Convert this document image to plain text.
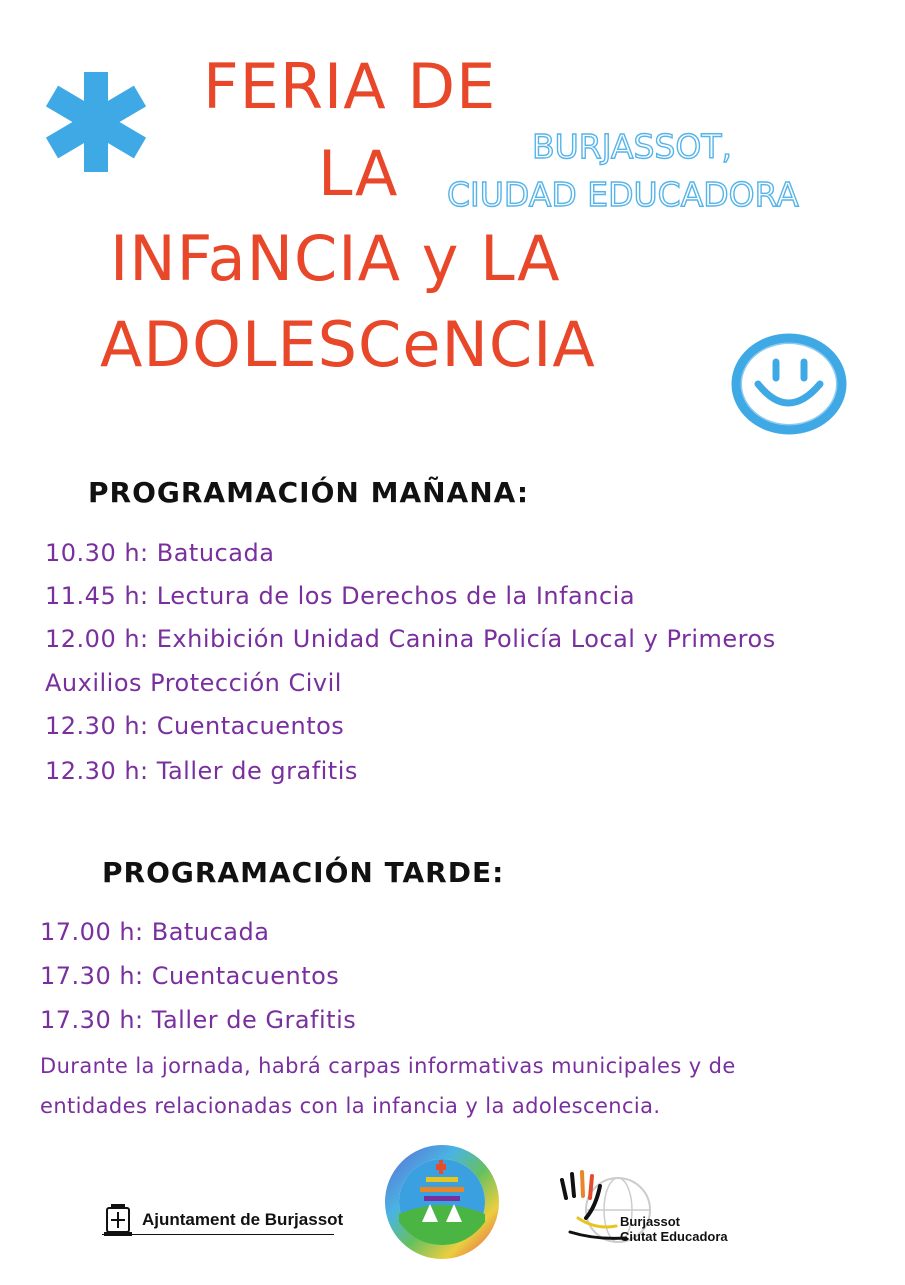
FERIA DE
LA
INFaNCIA y LA
ADOLESCeNCIA
BURJASSOT,
CIUDAD EDUCADORA
PROGRAMACIÓN MAÑANA:
10.30 h: Batucada
11.45 h: Lectura de los Derechos de la Infancia
12.00 h: Exhibición Unidad Canina Policía Local y Primeros
Auxilios Protección Civil
12.30 h: Cuentacuentos
12.30 h: Taller de grafitis
PROGRAMACIÓN TARDE:
17.00 h: Batucada
17.30 h: Cuentacuentos
17.30 h: Taller de Grafitis
Durante la jornada, habrá carpas informativas municipales y de entidades relacionadas con la infancia y la adolescencia.
Ajuntament de Burjassot	Burjassot
Ciutat Educadora
